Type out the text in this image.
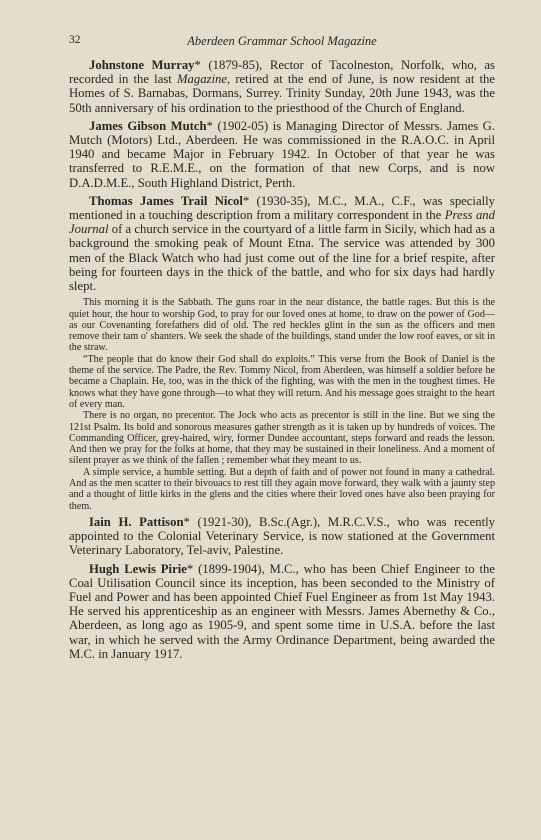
32	Aberdeen Grammar School Magazine

Johnstone Murray* (1879-85), Rector of Tacolneston, Norfolk, who, as recorded in the last Magazine, retired at the end of June, is now resident at the Homes of S. Barnabas, Dormans, Surrey. Trinity Sunday, 20th June 1943, was the 50th anniversary of his ordination to the priesthood of the Church of England.

James Gibson Mutch* (1902-05) is Managing Director of Messrs. James G. Mutch (Motors) Ltd., Aberdeen. He was commissioned in the R.A.O.C. in April 1940 and became Major in February 1942. In October of that year he was transferred to R.E.M.E., on the formation of that new Corps, and is now D.A.D.M.E., South Highland District, Perth.

Thomas James Trail Nicol* (1930-35), M.C., M.A., C.F., was specially mentioned in a touching description from a military correspondent in the Press and Journal of a church service in the courtyard of a little farm in Sicily, which had as a background the smoking peak of Mount Etna. The service was attended by 300 men of the Black Watch who had just come out of the line for a brief respite, after being for fourteen days in the thick of the battle, and who for six days had hardly slept.

This morning it is the Sabbath. The guns roar in the near distance, the battle rages. But this is the quiet hour, the hour to worship God, to pray for our loved ones at home, to draw on the power of God—as our Covenanting forefathers did of old. The red heckles glint in the sun as the officers and men remove their tam o' shanters. We seek the shade of the buildings, stand under the low roof eaves, or sit in the straw.

“The people that do know their God shall do exploits.” This verse from the Book of Daniel is the theme of the service. The Padre, the Rev. Tommy Nicol, from Aberdeen, was himself a soldier before he became a Chaplain. He, too, was in the thick of the fighting, was with the men in the toughest times. He knows what they have gone through—to what they will return. And his message goes straight to the heart of every man.

There is no organ, no precentor. The Jock who acts as precentor is still in the line. But we sing the 121st Psalm. Its bold and sonorous measures gather strength as it is taken up by hundreds of voices. The Commanding Officer, grey-haired, wiry, former Dundee accountant, steps forward and reads the lesson. And then we pray for the folks at home, that they may be sustained in their loneliness. And a moment of silent prayer as we think of the fallen ; remember what they meant to us.

A simple service, a humble setting. But a depth of faith and of power not found in many a cathedral. And as the men scatter to their bivouacs to rest till they again move forward, they walk with a jaunty step and a thought of little kirks in the glens and the cities where their loved ones have also been praying for them.

Iain H. Pattison* (1921-30), B.Sc.(Agr.), M.R.C.V.S., who was recently appointed to the Colonial Veterinary Service, is now stationed at the Government Veterinary Laboratory, Tel-aviv, Palestine.

Hugh Lewis Pirie* (1899-1904), M.C., who has been Chief Engineer to the Coal Utilisation Council since its inception, has been seconded to the Ministry of Fuel and Power and has been appointed Chief Fuel Engineer as from 1st May 1943. He served his apprenticeship as an engineer with Messrs. James Abernethy & Co., Aberdeen, as long ago as 1905-9, and spent some time in U.S.A. before the last war, in which he served with the Army Ordinance Department, being awarded the M.C. in January 1917.
